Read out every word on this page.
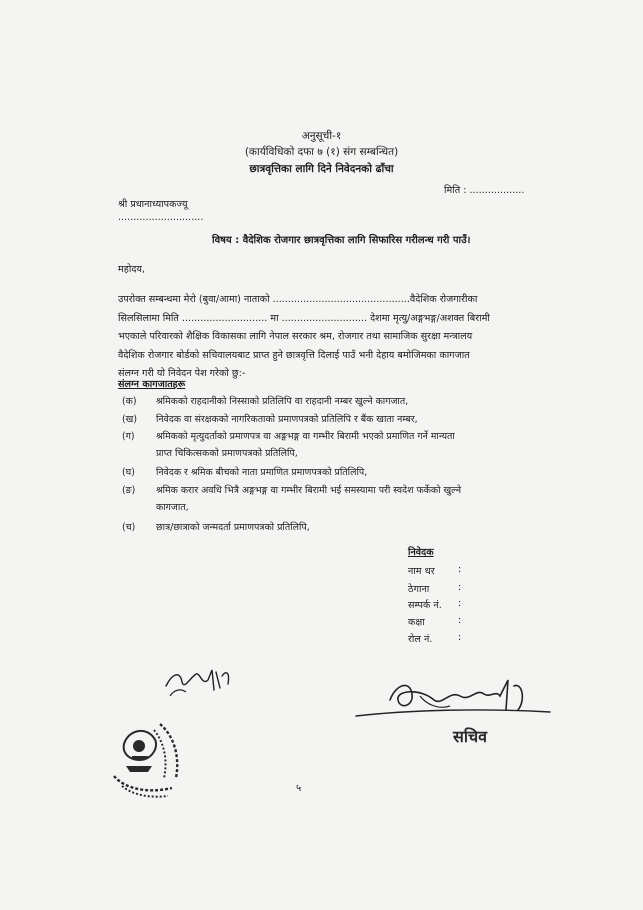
अनुसूची-१
(कार्यविधिको दफा ७ (१) संग सम्बन्धित)
छात्रवृत्तिका लागि दिने निवेदनको ढाँचा
मिति : ..................
श्री प्रधानाध्यापकज्यू
............................
विषय : वैदेशिक रोजगार छात्रवृत्तिका लागि सिफारिस गरीलन्ध गरी पाउँ।
महोदय,
उपरोक्त सम्बन्धमा मेरो (बुवा/आमा) नाताको .............................................वैदेशिक रोजगारीका
सिलसिलामा मिति ............................ मा ............................ देशमा मृत्यु/अङ्गभङ्ग/अशक्त बिरामी
भएकाले परिवारको शैक्षिक विकासका लागि नेपाल सरकार श्रम, रोजगार तथा सामाजिक सुरक्षा मन्त्रालय
वैदेशिक रोजगार बोर्डको सचिवालयबाट प्राप्त हुने छात्रवृत्ति दिलाई पाउँ भनी देहाय बमोजिमका कागजात
संलग्न गरी यो निवेदन पेश गरेको छु:-
संलग्न कागजातहरू
(क)	श्रमिकको राहदानीको निस्साको प्रतिलिपि वा राहदानी नम्बर खुल्ने कागजात,
(ख)	निवेदक वा संरक्षकको नागरिकताको प्रमाणपत्रको प्रतिलिपि र बैंक खाता नम्बर,
(ग)	श्रमिकको मृत्युदर्ताको प्रमाणपत्र वा अङ्गभङ्ग वा गम्भीर बिरामी भएको प्रमाणित गर्ने मान्यता
प्राप्त चिकित्सकको प्रमाणपत्रको प्रतिलिपि,
(घ)	निवेदक र श्रमिक बीचको नाता प्रमाणित प्रमाणपत्रको प्रतिलिपि,
(ङ)	श्रमिक करार अवधि भित्रै अङ्गभङ्ग वा गम्भीर बिरामी भई समस्यामा परी स्वदेश फर्केको खुल्ने
कागजात,
(च)	छात्र/छात्राको जन्मदर्ता प्रमाणपत्रको प्रतिलिपि,
निवेदक
नाम थर :
ठेगाना	:
सम्पर्क नं. :
कक्षा	:
रोल नं.	:
सचिव
५
